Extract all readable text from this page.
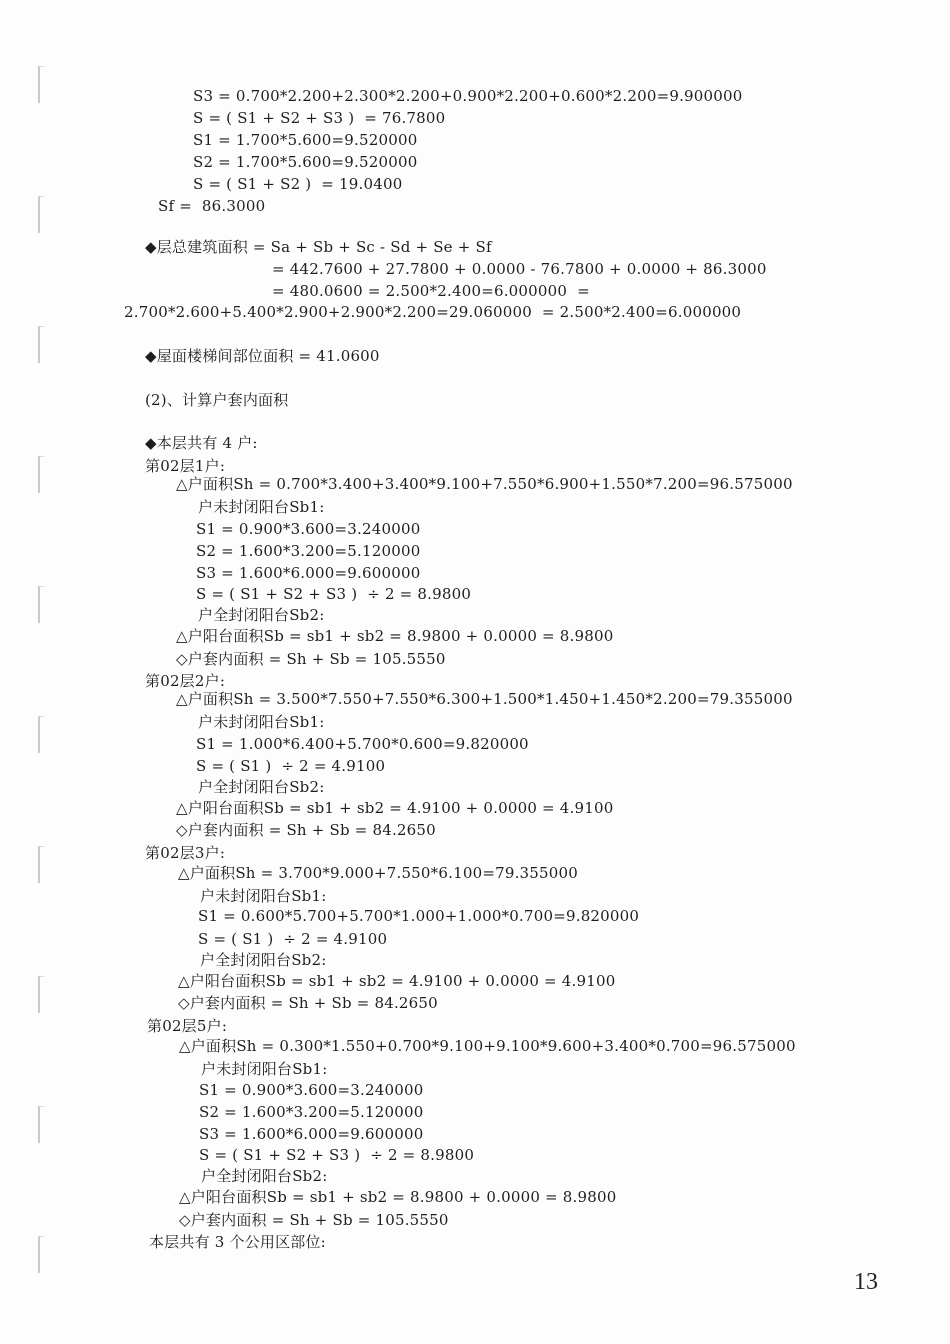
S3 = 0.700*2.200+2.300*2.200+0.900*2.200+0.600*2.200=9.900000
S = ( S1 + S2 + S3 )  = 76.7800
S1 = 1.700*5.600=9.520000
S2 = 1.700*5.600=9.520000
S = ( S1 + S2 )  = 19.0400
Sf =  86.3000
◆层总建筑面积 = Sa + Sb + Sc - Sd + Se + Sf
= 442.7600 + 27.7800 + 0.0000 - 76.7800 + 0.0000 + 86.3000
= 480.0600 = 2.500*2.400=6.000000  =
2.700*2.600+5.400*2.900+2.900*2.200=29.060000  = 2.500*2.400=6.000000
◆屋面楼梯间部位面积 = 41.0600
(2)、计算户套内面积
◆本层共有 4 户:
第02层1户:
△户面积Sh = 0.700*3.400+3.400*9.100+7.550*6.900+1.550*7.200=96.575000
户未封闭阳台Sb1:
S1 = 0.900*3.600=3.240000
S2 = 1.600*3.200=5.120000
S3 = 1.600*6.000=9.600000
S = ( S1 + S2 + S3 )  ÷ 2 = 8.9800
户全封闭阳台Sb2:
△户阳台面积Sb = sb1 + sb2 = 8.9800 + 0.0000 = 8.9800
◇户套内面积 = Sh + Sb = 105.5550
第02层2户:
△户面积Sh = 3.500*7.550+7.550*6.300+1.500*1.450+1.450*2.200=79.355000
户未封闭阳台Sb1:
S1 = 1.000*6.400+5.700*0.600=9.820000
S = ( S1 )  ÷ 2 = 4.9100
户全封闭阳台Sb2:
△户阳台面积Sb = sb1 + sb2 = 4.9100 + 0.0000 = 4.9100
◇户套内面积 = Sh + Sb = 84.2650
第02层3户:
△户面积Sh = 3.700*9.000+7.550*6.100=79.355000
户未封闭阳台Sb1:
S1 = 0.600*5.700+5.700*1.000+1.000*0.700=9.820000
S = ( S1 )  ÷ 2 = 4.9100
户全封闭阳台Sb2:
△户阳台面积Sb = sb1 + sb2 = 4.9100 + 0.0000 = 4.9100
◇户套内面积 = Sh + Sb = 84.2650
第02层5户:
△户面积Sh = 0.300*1.550+0.700*9.100+9.100*9.600+3.400*0.700=96.575000
户未封闭阳台Sb1:
S1 = 0.900*3.600=3.240000
S2 = 1.600*3.200=5.120000
S3 = 1.600*6.000=9.600000
S = ( S1 + S2 + S3 )  ÷ 2 = 8.9800
户全封闭阳台Sb2:
△户阳台面积Sb = sb1 + sb2 = 8.9800 + 0.0000 = 8.9800
◇户套内面积 = Sh + Sb = 105.5550
本层共有 3 个公用区部位:
13
